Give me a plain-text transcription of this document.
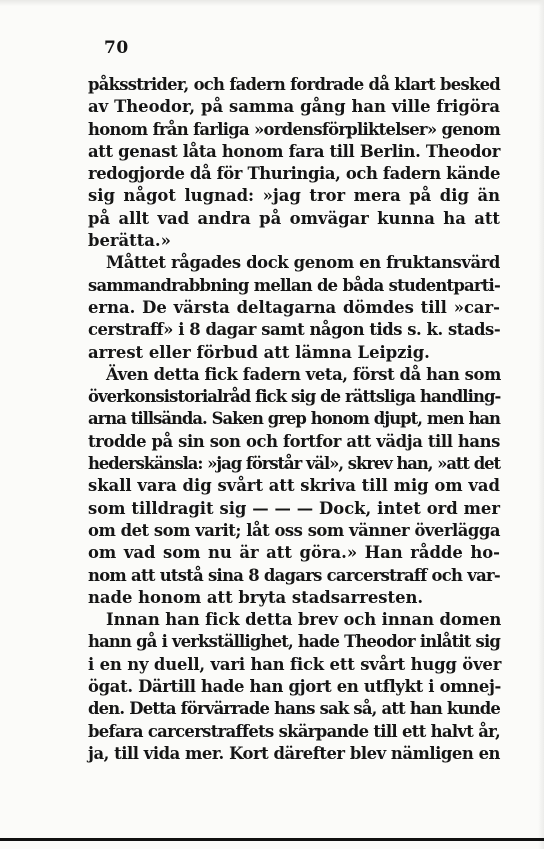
70
påksstrider, och fadern fordrade då klart besked
av Theodor, på samma gång han ville frigöra
honom från farliga »ordensförpliktelser» genom
att genast låta honom fara till Berlin. Theodor
redogjorde då för Thuringia, och fadern kände
sig något lugnad: »jag tror mera på dig än
på allt vad andra på omvägar kunna ha att
berätta.»
Måttet rågades dock genom en fruktansvärd
sammandrabbning mellan de båda studentparti-
erna. De värsta deltagarna dömdes till »car-
cerstraff» i 8 dagar samt någon tids s. k. stads-
arrest eller förbud att lämna Leipzig.
Även detta fick fadern veta, först då han som
överkonsistorialråd fick sig de rättsliga handling-
arna tillsända. Saken grep honom djupt, men han
trodde på sin son och fortfor att vädja till hans
hederskänsla: »jag förstår väl», skrev han, »att det
skall vara dig svårt att skriva till mig om vad
som tilldragit sig — — — Dock, intet ord mer
om det som varit; låt oss som vänner överlägga
om vad som nu är att göra.» Han rådde ho-
nom att utstå sina 8 dagars carcerstraff och var-
nade honom att bryta stadsarresten.
Innan han fick detta brev och innan domen
hann gå i verkställighet, hade Theodor inlåtit sig
i en ny duell, vari han fick ett svårt hugg över
ögat. Därtill hade han gjort en utflykt i omnej-
den. Detta förvärrade hans sak så, att han kunde
befara carcerstraffets skärpande till ett halvt år,
ja, till vida mer. Kort därefter blev nämligen en
